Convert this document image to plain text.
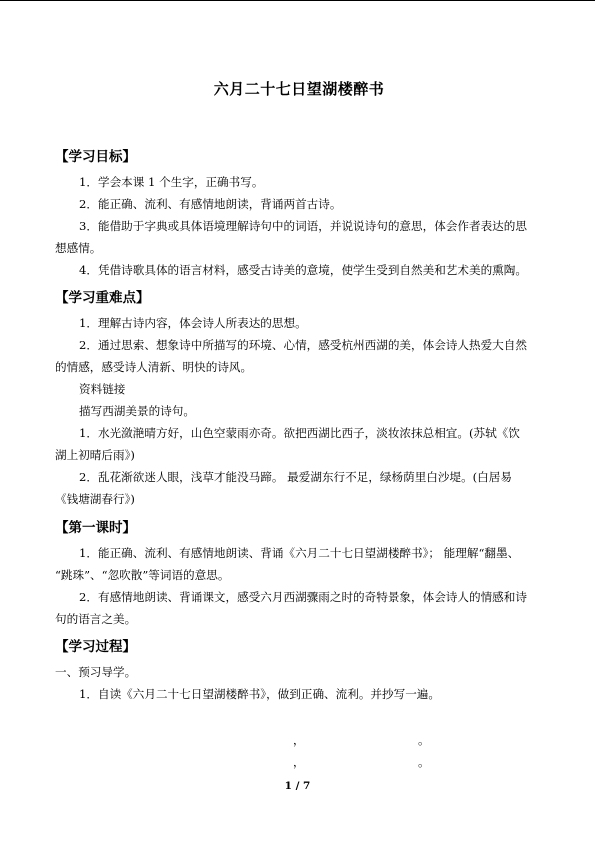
六月二十七日望湖楼醉书
【学习目标】
1．学会本课 1 个生字，正确书写。
2．能正确、流利、有感情地朗读，背诵两首古诗。
3．能借助于字典或具体语境理解诗句中的词语，并说说诗句的意思，体会作者表达的思
想感情。
4．凭借诗歌具体的语言材料，感受古诗美的意境，使学生受到自然美和艺术美的熏陶。
【学习重难点】
1．理解古诗内容，体会诗人所表达的思想。
2．通过思索、想象诗中所描写的环境、心情，感受杭州西湖的美，体会诗人热爱大自然
的情感，感受诗人清新、明快的诗风。
资料链接
描写西湖美景的诗句。
1．水光潋滟晴方好，山色空蒙雨亦奇。欲把西湖比西子，淡妆浓抹总相宜。(苏轼《饮
湖上初晴后雨》)
2．乱花渐欲迷人眼，浅草才能没马蹄。 最爱湖东行不足，绿杨荫里白沙堤。(白居易
《钱塘湖春行》)
【第一课时】
1．能正确、流利、有感情地朗读、背诵《六月二十七日望湖楼醉书》； 能理解“翻墨、
“跳珠”、“忽吹散”等词语的意思。
2．有感情地朗读、背诵课文，感受六月西湖骤雨之时的奇特景象，体会诗人的情感和诗
句的语言之美。
【学习过程】
一、预习导学。
1．自读《六月二十七日望湖楼醉书》，做到正确、流利。并抄写一遍。
，	。
，	。
1 / 7
